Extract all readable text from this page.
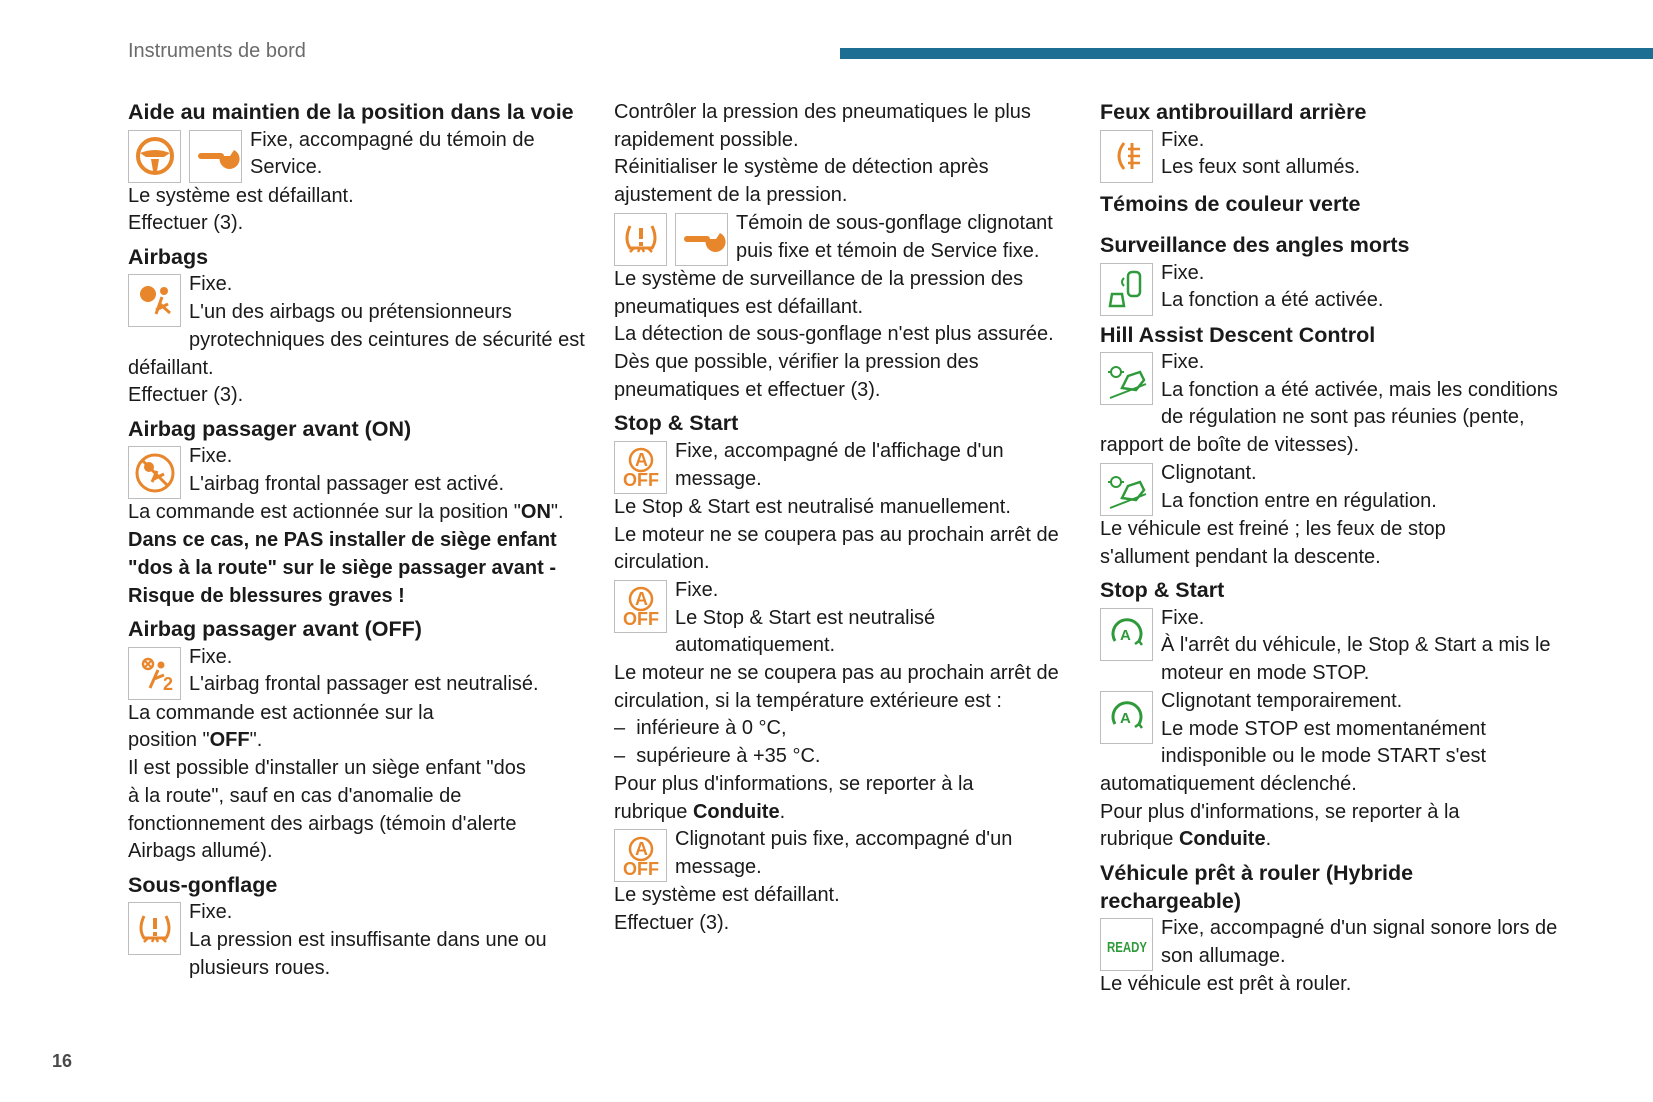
Instruments de bord
Aide au maintien de la position dans la voie

Fixe, accompagné du témoin de Service.

Le système est défaillant.

Effectuer (3).

Airbags

Fixe.

L'un des airbags ou prétensionneurs pyrotechniques des ceintures de sécurité est défaillant.

Effectuer (3).

Airbag passager avant (ON)

Fixe.

L'airbag frontal passager est activé.

La commande est actionnée sur la position "ON".

Dans ce cas, ne PAS installer de siège enfant "dos à la route" sur le siège passager avant - Risque de blessures graves !

Airbag passager avant (OFF)
2

Fixe.

L'airbag frontal passager est neutralisé.

La commande est actionnée sur la position "OFF".

Il est possible d'installer un siège enfant "dos à la route", sauf en cas d'anomalie de fonctionnement des airbags (témoin d'alerte Airbags allumé).

Sous-gonflage

Fixe.

La pression est insuffisante dans une ou plusieurs roues.

Contrôler la pression des pneumatiques le plus rapidement possible.

Réinitialiser le système de détection après ajustement de la pression.

Témoin de sous-gonflage clignotant puis fixe et témoin de Service fixe.

Le système de surveillance de la pression des pneumatiques est défaillant.

La détection de sous-gonflage n'est plus assurée.

Dès que possible, vérifier la pression des pneumatiques et effectuer (3).

Stop & Start
A
OFF

Fixe, accompagné de l'affichage d'un message.

Le Stop & Start est neutralisé manuellement.

Le moteur ne se coupera pas au prochain arrêt de circulation.

A
OFF

Fixe.

Le Stop & Start est neutralisé automatiquement.

Le moteur ne se coupera pas au prochain arrêt de circulation, si la température extérieure est :

–  inférieure à 0 °C,

–  supérieure à +35 °C.

Pour plus d'informations, se reporter à la rubrique Conduite.

A
OFF

Clignotant puis fixe, accompagné d'un message.

Le système est défaillant.

Effectuer (3).

Feux antibrouillard arrière

Fixe.

Les feux sont allumés.

Témoins de couleur verte
Surveillance des angles morts

Fixe.

La fonction a été activée.

Hill Assist Descent Control

Fixe.

La fonction a été activée, mais les conditions de régulation ne sont pas réunies (pente, rapport de boîte de vitesses).

Clignotant.

La fonction entre en régulation.

Le véhicule est freiné ; les feux de stop s'allument pendant la descente.

Stop & Start
A

Fixe.

À l'arrêt du véhicule, le Stop & Start a mis le moteur en mode STOP.

A

Clignotant temporairement.

Le mode STOP est momentanément indisponible ou le mode START s'est automatiquement déclenché.

Pour plus d'informations, se reporter à la rubrique Conduite.

Véhicule prêt à rouler (Hybride rechargeable)
READY

Fixe, accompagné d'un signal sonore lors de son allumage.

Le véhicule est prêt à rouler.

16
